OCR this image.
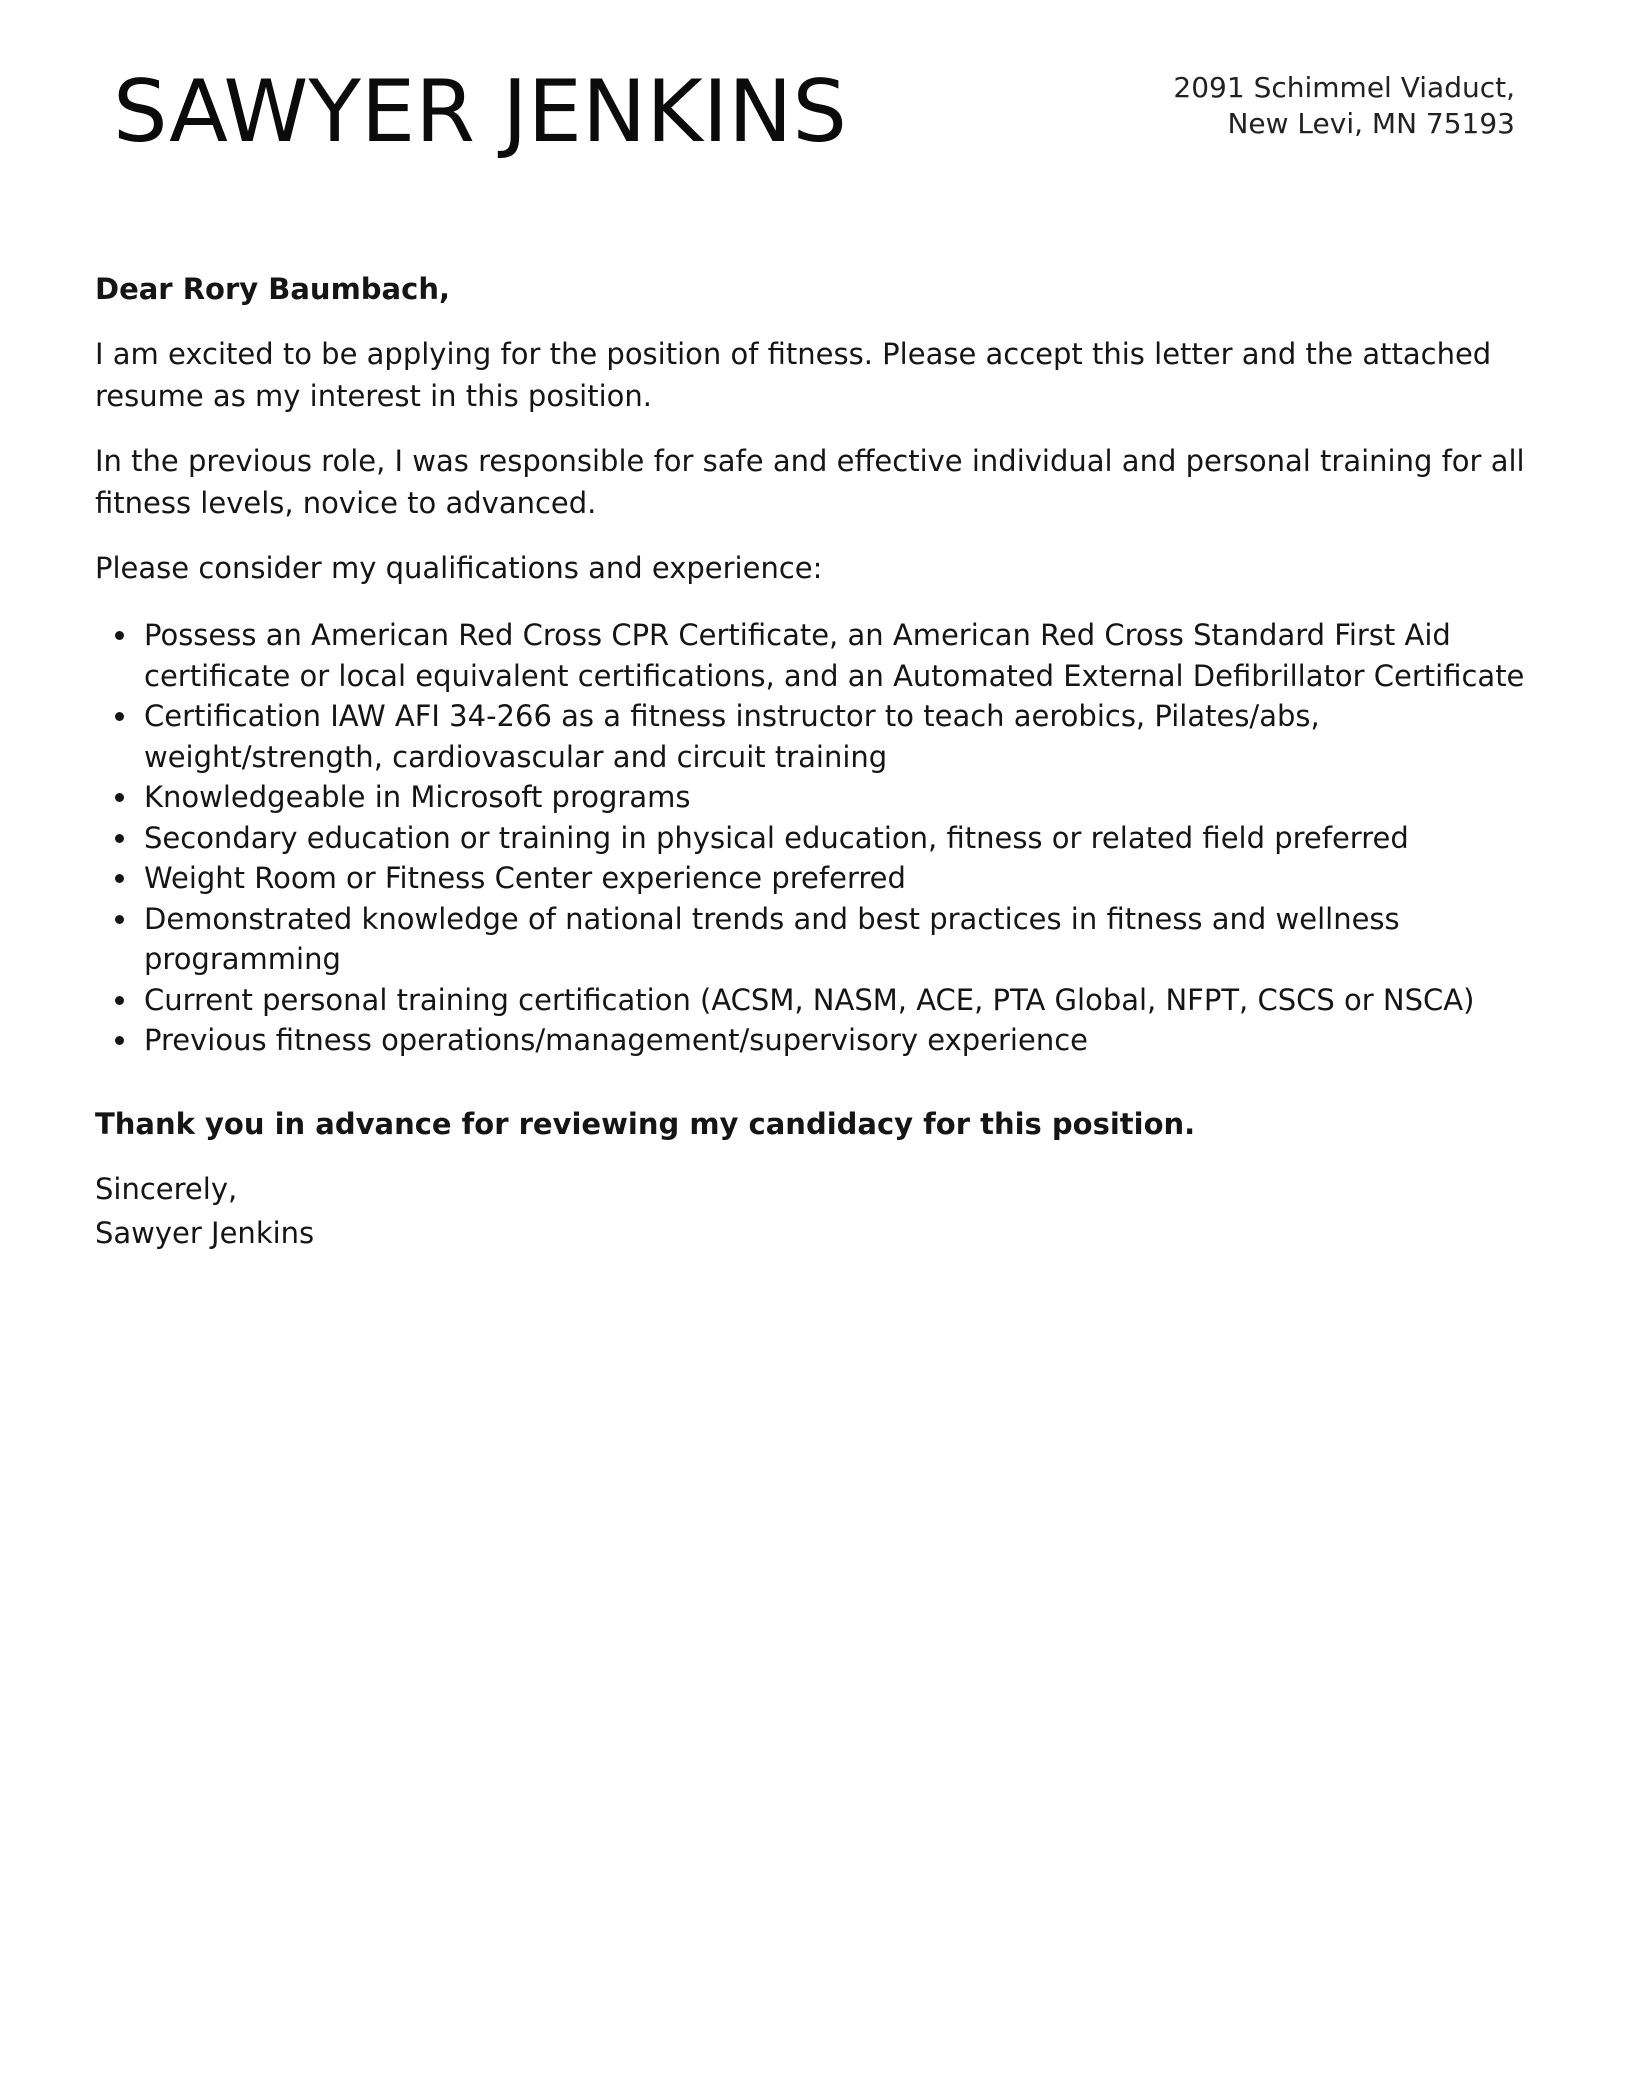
SAWYER JENKINS	2091 Schimmel Viaduct,
New Levi, MN 75193

Dear Rory Baumbach,

I am excited to be applying for the position of fitness. Please accept this letter and the attached resume as my interest in this position.

In the previous role, I was responsible for safe and effective individual and personal training for all fitness levels, novice to advanced.

Please consider my qualifications and experience:

Possess an American Red Cross CPR Certificate, an American Red Cross Standard First Aid certificate or local equivalent certifications, and an Automated External Defibrillator Certificate
Certification IAW AFI 34-266 as a fitness instructor to teach aerobics, Pilates/abs, weight/strength, cardiovascular and circuit training
Knowledgeable in Microsoft programs
Secondary education or training in physical education, fitness or related field preferred
Weight Room or Fitness Center experience preferred
Demonstrated knowledge of national trends and best practices in fitness and wellness programming
Current personal training certification (ACSM, NASM, ACE, PTA Global, NFPT, CSCS or NSCA)
Previous fitness operations/management/supervisory experience

Thank you in advance for reviewing my candidacy for this position.

Sincerely,

Sawyer Jenkins
